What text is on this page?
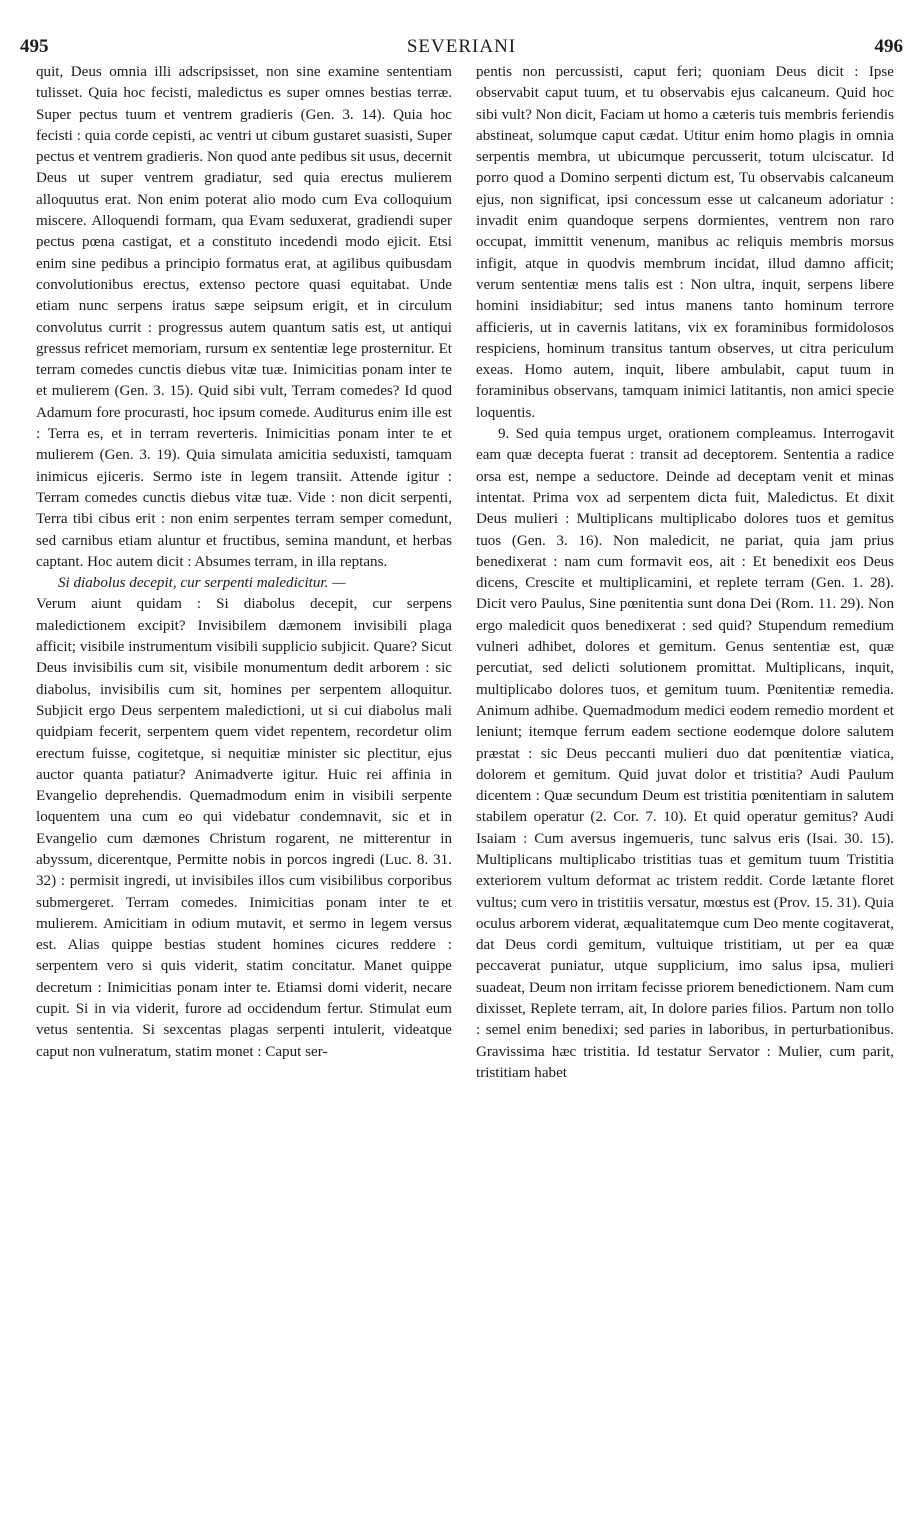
495	SEVERIANI	496

quit, Deus omnia illi adscripsisset, non sine examine sententiam tulisset. Quia hoc fecisti, maledictus es super omnes bestias terræ. Super pectus tuum et ventrem gradieris (Gen. 3. 14). Quia hoc fecisti : quia corde cepisti, ac ventri ut cibum gustaret suasisti, Super pectus et ventrem gradieris. Non quod ante pedibus sit usus, decernit Deus ut super ventrem gradiatur, sed quia erectus mulierem alloquutus erat. Non enim poterat alio modo cum Eva colloquium miscere. Alloquendi formam, qua Evam seduxerat, gradiendi super pectus pœna castigat, et a constituto incedendi modo ejicit. Etsi enim sine pedibus a principio formatus erat, at agilibus quibusdam convolutionibus erectus, extenso pectore quasi equitabat. Unde etiam nunc serpens iratus sæpe seipsum erigit, et in circulum convolutus currit : progressus autem quantum satis est, ut antiqui gressus refricet memoriam, rursum ex sententiæ lege prosternitur. Et terram comedes cunctis diebus vitæ tuæ. Inimicitias ponam inter te et mulierem (Gen. 3. 15). Quid sibi vult, Terram comedes? Id quod Adamum fore procurasti, hoc ipsum comede. Auditurus enim ille est : Terra es, et in terram reverteris. Inimicitias ponam inter te et mulierem (Gen. 3. 19). Quia simulata amicitia seduxisti, tamquam inimicus ejiceris. Sermo iste in legem transiit. Attende igitur : Terram comedes cunctis diebus vitæ tuæ. Vide : non dicit serpenti, Terra tibi cibus erit : non enim serpentes terram semper comedunt, sed carnibus etiam aluntur et fructibus, semina mandunt, et herbas captant. Hoc autem dicit : Absumes terram, in illa reptans.

Si diabolus decepit, cur serpenti maledicitur. —

Verum aiunt quidam : Si diabolus decepit, cur serpens maledictionem excipit? Invisibilem dæmonem invisibili plaga afficit; visibile instrumentum visibili supplicio subjicit. Quare? Sicut Deus invisibilis cum sit, visibile monumentum dedit arborem : sic diabolus, invisibilis cum sit, homines per serpentem alloquitur. Subjicit ergo Deus serpentem maledictioni, ut si cui diabolus mali quidpiam fecerit, serpentem quem videt repentem, recordetur olim erectum fuisse, cogitetque, si nequitiæ minister sic plectitur, ejus auctor quanta patiatur? Animadverte igitur. Huic rei affinia in Evangelio deprehendis. Quemadmodum enim in visibili serpente loquentem una cum eo qui videbatur condemnavit, sic et in Evangelio cum dæmones Christum rogarent, ne mitterentur in abyssum, dicerentque, Permitte nobis in porcos ingredi (Luc. 8. 31. 32) : permisit ingredi, ut invisibiles illos cum visibilibus corporibus submergeret. Terram comedes. Inimicitias ponam inter te et mulierem. Amicitiam in odium mutavit, et sermo in legem versus est. Alias quippe bestias student homines cicures reddere : serpentem vero si quis viderit, statim concitatur. Manet quippe decretum : Inimicitias ponam inter te. Etiamsi domi viderit, necare cupit. Si in via viderit, furore ad occidendum fertur. Stimulat eum vetus sententia. Si sexcentas plagas serpenti intulerit, videatque caput non vulneratum, statim monet : Caput ser-

pentis non percussisti, caput feri; quoniam Deus dicit : Ipse observabit caput tuum, et tu observabis ejus calcaneum. Quid hoc sibi vult? Non dicit, Faciam ut homo a cæteris tuis membris feriendis abstineat, solumque caput cædat. Utitur enim homo plagis in omnia serpentis membra, ut ubicumque percusserit, totum ulciscatur. Id porro quod a Domino serpenti dictum est, Tu observabis calcaneum ejus, non significat, ipsi concessum esse ut calcaneum adoriatur : invadit enim quandoque serpens dormientes, ventrem non raro occupat, immittit venenum, manibus ac reliquis membris morsus infigit, atque in quodvis membrum incidat, illud damno afficit; verum sententiæ mens talis est : Non ultra, inquit, serpens libere homini insidiabitur; sed intus manens tanto hominum terrore afficieris, ut in cavernis latitans, vix ex foraminibus formidolosos respiciens, hominum transitus tantum observes, ut citra periculum exeas. Homo autem, inquit, libere ambulabit, caput tuum in foraminibus observans, tamquam inimici latitantis, non amici specie loquentis.

9. Sed quia tempus urget, orationem compleamus. Interrogavit eam quæ decepta fuerat : transit ad deceptorem. Sententia a radice orsa est, nempe a seductore. Deinde ad deceptam venit et minas intentat. Prima vox ad serpentem dicta fuit, Maledictus. Et dixit Deus mulieri : Multiplicans multiplicabo dolores tuos et gemitus tuos (Gen. 3. 16). Non maledicit, ne pariat, quia jam prius benedixerat : nam cum formavit eos, ait : Et benedixit eos Deus dicens, Crescite et multiplicamini, et replete terram (Gen. 1. 28). Dicit vero Paulus, Sine pœnitentia sunt dona Dei (Rom. 11. 29). Non ergo maledicit quos benedixerat : sed quid? Stupendum remedium vulneri adhibet, dolores et gemitum. Genus sententiæ est, quæ percutiat, sed delicti solutionem promittat. Multiplicans, inquit, multiplicabo dolores tuos, et gemitum tuum. Pœnitentiæ remedia. Animum adhibe. Quemadmodum medici eodem remedio mordent et leniunt; itemque ferrum eadem sectione eodemque dolore salutem præstat : sic Deus peccanti mulieri duo dat pœnitentiæ viatica, dolorem et gemitum. Quid juvat dolor et tristitia? Audi Paulum dicentem : Quæ secundum Deum est tristitia pœnitentiam in salutem stabilem operatur (2. Cor. 7. 10). Et quid operatur gemitus? Audi Isaiam : Cum aversus ingemueris, tunc salvus eris (Isai. 30. 15). Multiplicans multiplicabo tristitias tuas et gemitum tuum Tristitia exteriorem vultum deformat ac tristem reddit. Corde lætante floret vultus; cum vero in tristitiis versatur, mœstus est (Prov. 15. 31). Quia oculus arborem viderat, æqualitatemque cum Deo mente cogitaverat, dat Deus cordi gemitum, vultuique tristitiam, ut per ea quæ peccaverat puniatur, utque supplicium, imo salus ipsa, mulieri suadeat, Deum non irritam fecisse priorem benedictionem. Nam cum dixisset, Replete terram, ait, In dolore paries filios. Partum non tollo : semel enim benedixi; sed paries in laboribus, in perturbationibus. Gravissima hæc tristitia. Id testatur Servator : Mulier, cum parit, tristitiam habet
